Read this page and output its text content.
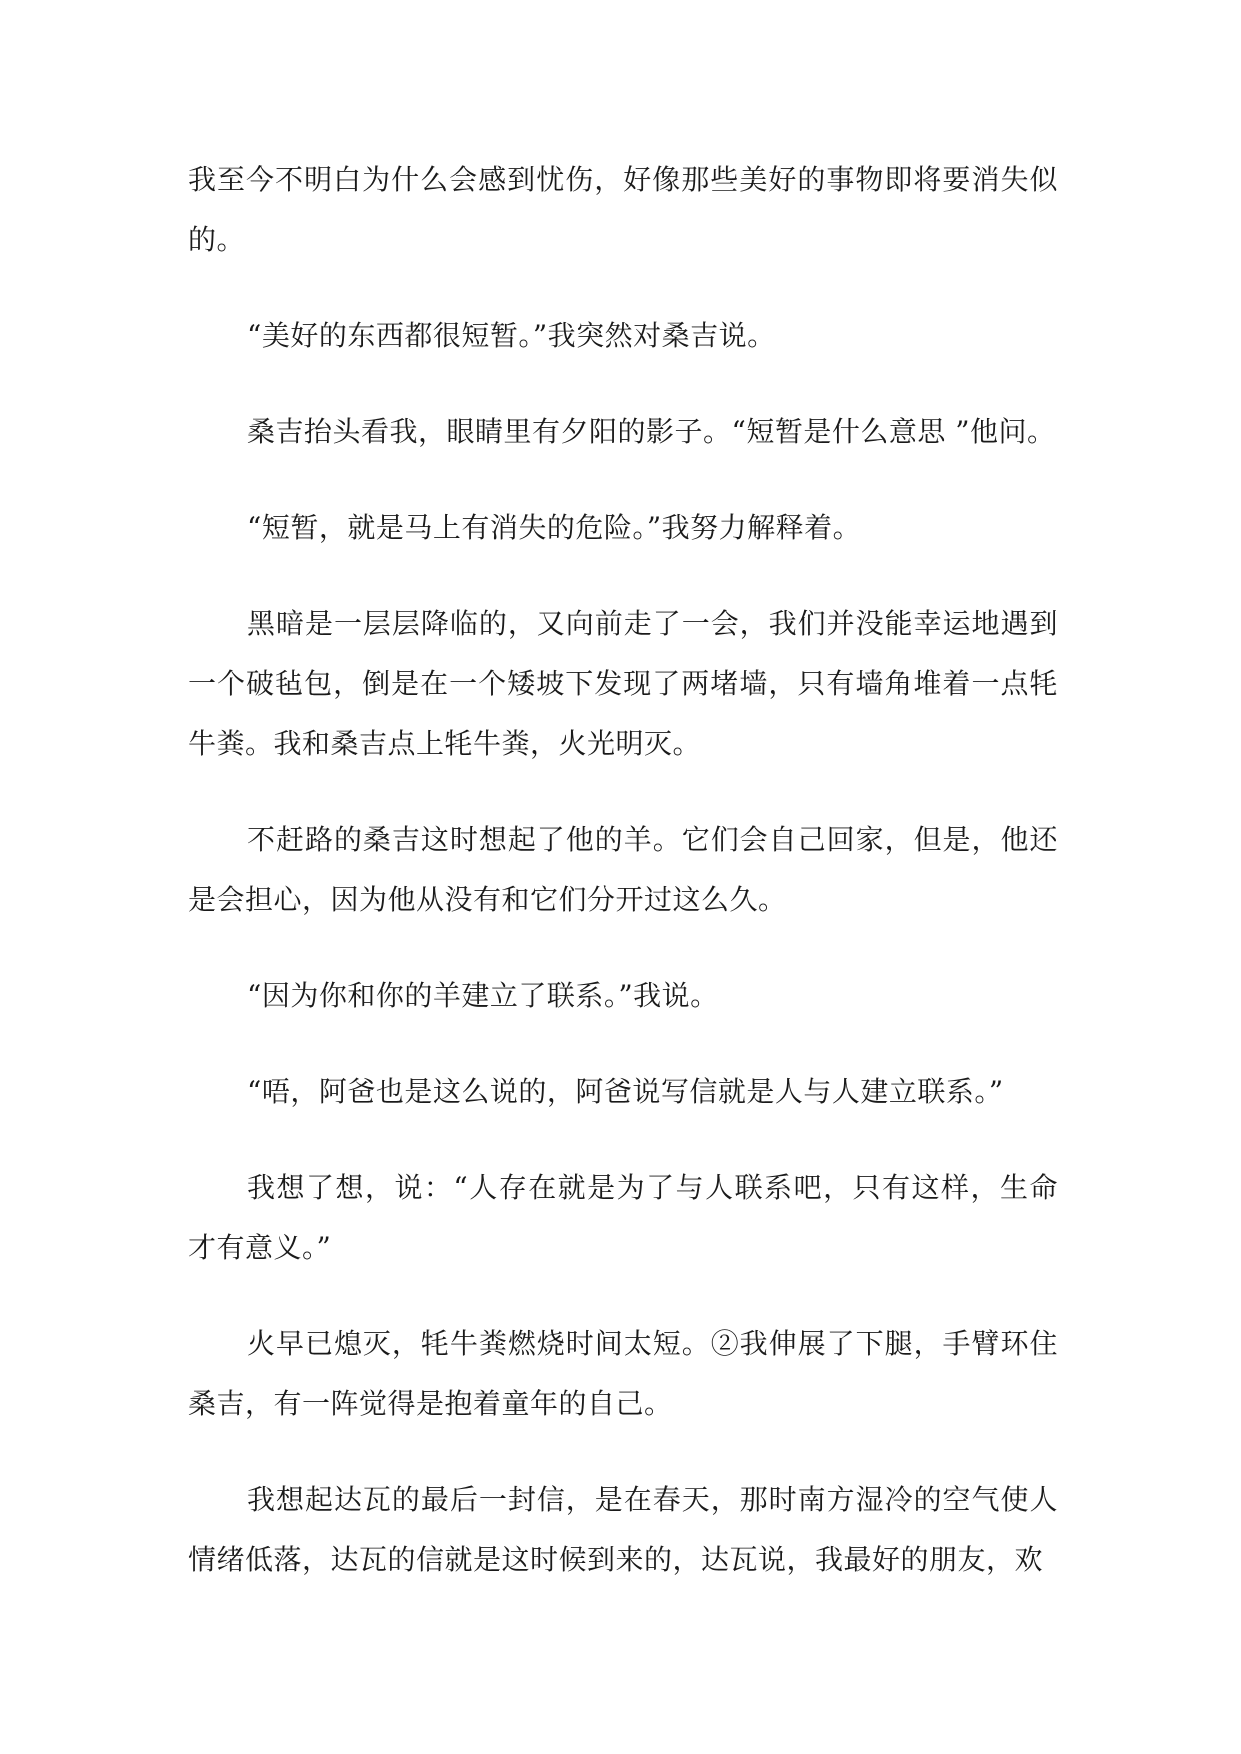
我至今不明白为什么会感到忧伤，好像那些美好的事物即将要消失似的。

“美好的东西都很短暂。”我突然对桑吉说。

桑吉抬头看我，眼睛里有夕阳的影子。“短暂是什么意思 ”他问。

“短暂，就是马上有消失的危险。”我努力解释着。

黑暗是一层层降临的，又向前走了一会，我们并没能幸运地遇到一个破毡包，倒是在一个矮坡下发现了两堵墙，只有墙角堆着一点牦牛粪。我和桑吉点上牦牛粪，火光明灭。

不赶路的桑吉这时想起了他的羊。它们会自己回家，但是，他还是会担心，因为他从没有和它们分开过这么久。

“因为你和你的羊建立了联系。”我说。

“唔，阿爸也是这么说的，阿爸说写信就是人与人建立联系。”

我想了想，说：“人存在就是为了与人联系吧，只有这样，生命才有意义。”

火早已熄灭，牦牛粪燃烧时间太短。②我伸展了下腿，手臂环住桑吉，有一阵觉得是抱着童年的自己。

我想起达瓦的最后一封信，是在春天，那时南方湿冷的空气使人情绪低落，达瓦的信就是这时候到来的，达瓦说，我最好的朋友，欢
